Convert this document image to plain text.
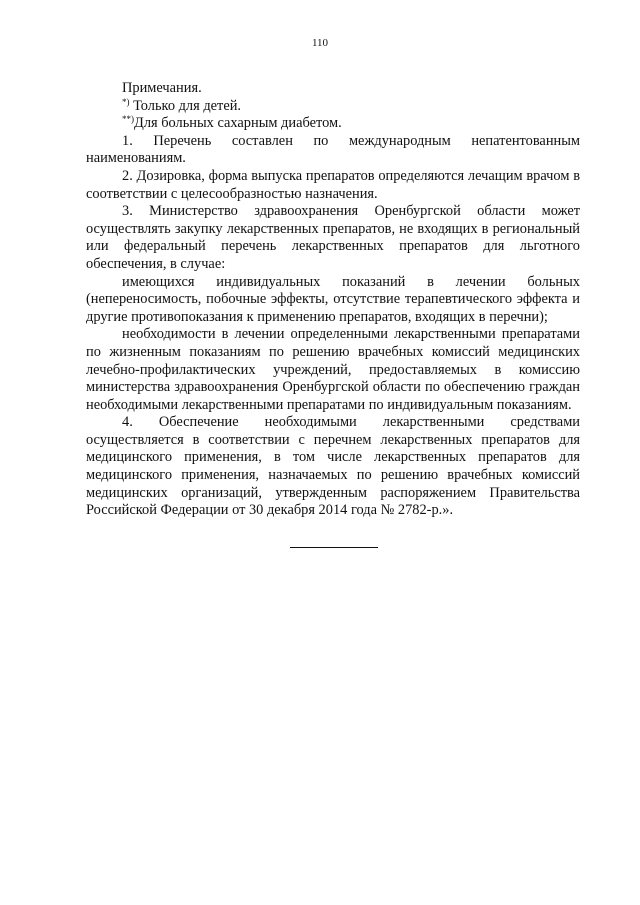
110

Примечания.

*) Только для детей.

**)Для больных сахарным диабетом.

1. Перечень составлен по международным непатентованным наименованиям.

2. Дозировка, форма выпуска препаратов определяются лечащим врачом в соответствии с целесообразностью назначения.

3. Министерство здравоохранения Оренбургской области может осуществлять закупку лекарственных препаратов, не входящих в региональный или федеральный перечень лекарственных препаратов для льготного обеспечения, в случае:

имеющихся индивидуальных показаний в лечении больных (непереносимость, побочные эффекты, отсутствие терапевтического эффекта и другие противопоказания к применению препаратов, входящих в перечни);

необходимости в лечении определенными лекарственными препаратами по жизненным показаниям по решению врачебных комиссий медицинских лечебно-профилактических учреждений, предоставляемых в комиссию министерства здравоохранения Оренбургской области по обеспечению граждан необходимыми лекарственными препаратами по индивидуальным показаниям.

4. Обеспечение необходимыми лекарственными средствами осуществляется в соответствии с перечнем лекарственных препаратов для медицинского применения, в том числе лекарственных препаратов для медицинского применения, назначаемых по решению врачебных комиссий медицинских организаций, утвержденным распоряжением Правительства Российской Федерации от 30 декабря 2014 года № 2782-р.».
